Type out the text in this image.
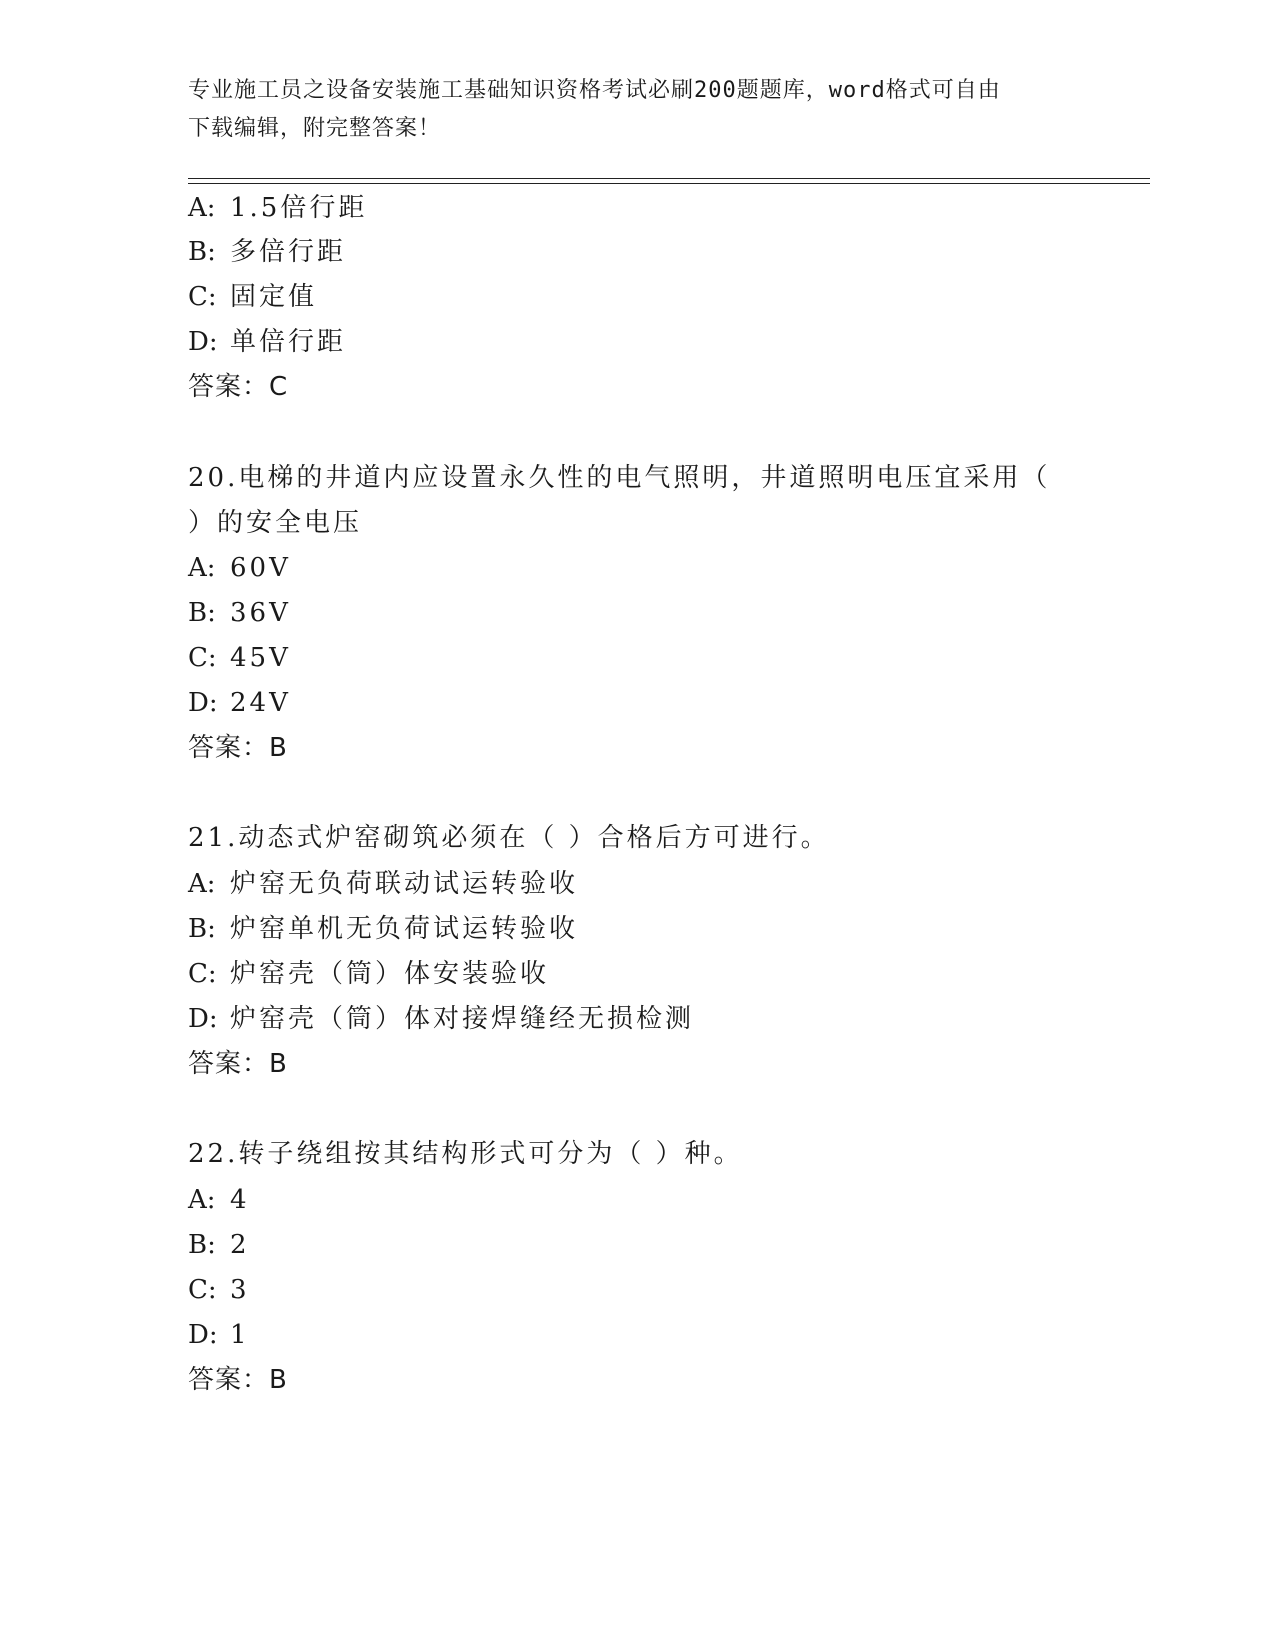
专业施工员之设备安装施工基础知识资格考试必刷200题题库，word格式可自由
下载编辑，附完整答案！
A: 1.5倍行距
B: 多倍行距
C: 固定值
D: 单倍行距
答案：C
20.电梯的井道内应设置永久性的电气照明，井道照明电压宜采用（
）的安全电压
A: 60V
B: 36V
C: 45V
D: 24V
答案：B
21.动态式炉窑砌筑必须在（ ）合格后方可进行。
A: 炉窑无负荷联动试运转验收
B: 炉窑单机无负荷试运转验收
C: 炉窑壳（筒）体安装验收
D: 炉窑壳（筒）体对接焊缝经无损检测
答案：B
22.转子绕组按其结构形式可分为（ ）种。
A: 4
B: 2
C: 3
D: 1
答案：B
